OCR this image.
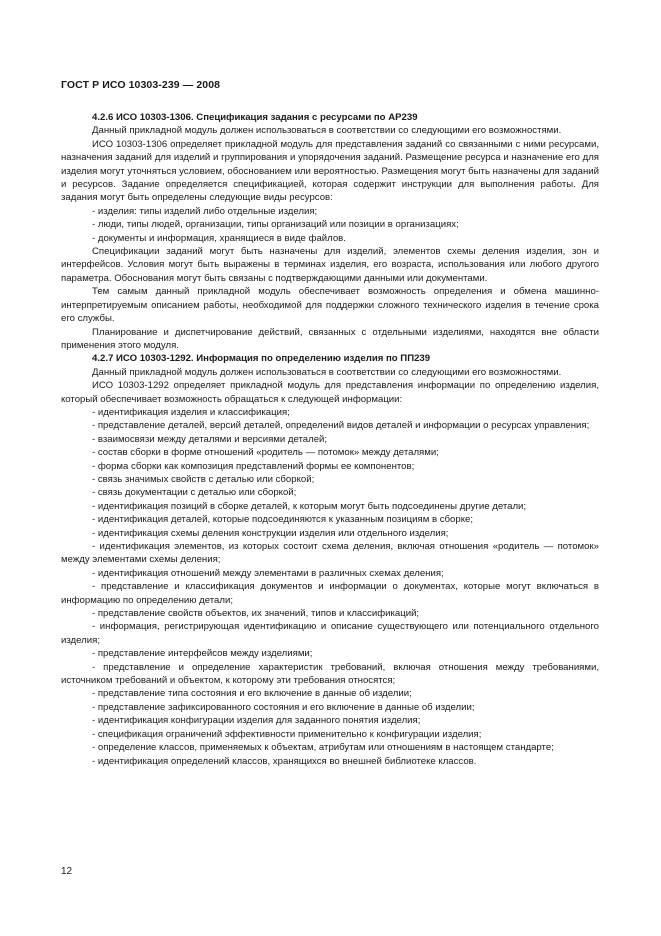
ГОСТ Р ИСО 10303-239 — 2008

4.2.6 ИСО 10303-1306. Спецификация задания с ресурсами по АР239

Данный прикладной модуль должен использоваться в соответствии со следующими его возможностями.

ИСО 10303-1306 определяет прикладной модуль для представления заданий со связанными с ними ресурсами, назначения заданий для изделий и группирования и упорядочения заданий. Размещение ресурса и назначение его для изделия могут уточняться условием, обоснованием или вероятностью. Размещения могут быть назначены для заданий и ресурсов. Задание определяется спецификацией, которая содержит инструкции для выполнения работы. Для задания могут быть определены следующие виды ресурсов:

- изделия: типы изделий либо отдельные изделия;

- люди, типы людей, организации, типы организаций или позиции в организациях;

- документы и информация, хранящиеся в виде файлов.

Спецификации заданий могут быть назначены для изделий, элементов схемы деления изделия, зон и интерфейсов. Условия могут быть выражены в терминах изделия, его возраста, использования или любого другого параметра. Обоснования могут быть связаны с подтверждающими данными или документами.

Тем самым данный прикладной модуль обеспечивает возможность определения и обмена машинно-интерпретируемым описанием работы, необходимой для поддержки сложного технического изделия в течение срока его службы.

Планирование и диспетчирование действий, связанных с отдельными изделиями, находятся вне области применения этого модуля.

4.2.7 ИСО 10303-1292. Информация по определению изделия по ПП239

Данный прикладной модуль должен использоваться в соответствии со следующими его возможностями.

ИСО 10303-1292 определяет прикладной модуль для представления информации по определению изделия, который обеспечивает возможность обращаться к следующей информации:

- идентификация изделия и классификация;

- представление деталей, версий деталей, определений видов деталей и информации о ресурсах управления;

- взаимосвязи между деталями и версиями деталей;

- состав сборки в форме отношений «родитель — потомок» между деталями;

- форма сборки как композиция представлений формы ее компонентов;

- связь значимых свойств с деталью или сборкой;

- связь документации с деталью или сборкой;

- идентификация позиций в сборке деталей, к которым могут быть подсоединены другие детали;

- идентификация деталей, которые подсоединяются к указанным позициям в сборке;

- идентификация схемы деления конструкции изделия или отдельного изделия;

- идентификация элементов, из которых состоит схема деления, включая отношения «родитель — потомок» между элементами схемы деления;

- идентификация отношений между элементами в различных схемах деления;

- представление и классификация документов и информации о документах, которые могут включаться в информацию по определению детали;

- представление свойств объектов, их значений, типов и классификаций;

- информация, регистрирующая идентификацию и описание существующего или потенциального отдельного изделия;

- представление интерфейсов между изделиями;

- представление и определение характеристик требований, включая отношения между требованиями, источником требований и объектом, к которому эти требования относятся;

- представление типа состояния и его включение в данные об изделии;

- представление зафиксированного состояния и его включение в данные об изделии;

- идентификация конфигурации изделия для заданного понятия изделия;

- спецификация ограничений эффективности применительно к конфигурации изделия;

- определение классов, применяемых к объектам, атрибутам или отношениям в настоящем стандарте;

- идентификация определений классов, хранящихся во внешней библиотеке классов.

12
